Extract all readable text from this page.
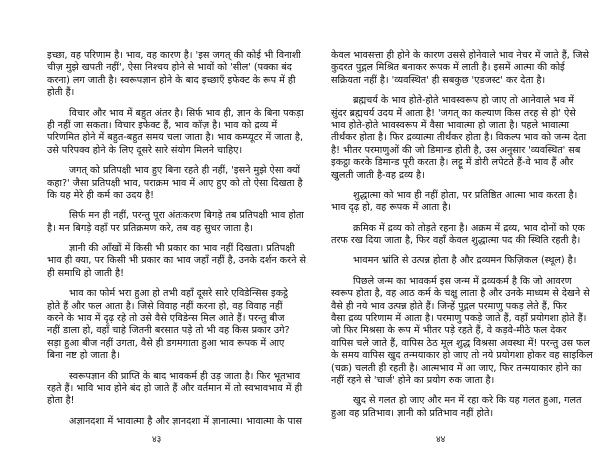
इच्छा, वह परिणाम है। भाव, वह कारण है। 'इस जगत् की कोई भी विनाशी
चीज़ मुझे खपती नहीं', ऐसा निश्चय होने से भावों को 'सील' (पक्का बंद
करना) लग जाती है। स्वरूपज्ञान होने के बाद इच्छाएँ इफेक्ट के रूप में ही
होती हैं।
विचार और भाव में बहुत अंतर है। सिर्फ भाव ही, ज्ञान के बिना पकड़ा
ही नहीं जा सकता। विचार इफेक्ट हैं, भाव कॉज़ है। भाव को द्रव्य में
परिणमित होने में बहुत-बहुत समय चला जाता है। भाव कम्प्यूटर में जाता है,
उसे परिपक्व होने के लिए दूसरे सारे संयोग मिलने चाहिए।
जगत् को प्रतिपक्षी भाव हुए बिना रहते ही नहीं, 'इसने मुझे ऐसा क्यों
कहा?' जैसा प्रतिपक्षी भाव, पराक्रम भाव में आए हुए को तो ऐसा दिखता है
कि यह मेरे ही कर्म का उदय है!
सिर्फ मन ही नहीं, परन्तु पूरा अंतःकरण बिगड़े तब प्रतिपक्षी भाव होता
है। मन बिगड़े वहाँ पर प्रतिक्रमण करे, तब वह सुधर जाता है।
ज्ञानी की आँखों में किसी भी प्रकार का भाव नहीं दिखता। प्रतिपक्षी
भाव ही क्या, पर किसी भी प्रकार का भाव जहाँ नहीं है, उनके दर्शन करने से
ही समाधि हो जाती है!
भाव का फोर्म भरा हुआ हो तभी वहाँ दूसरे सारे एविडेन्सिस इकट्ठे
होते हैं और फल आता है। जिसे विवाह नहीं करना हो, वह विवाह नहीं
करने के भाव में दृढ़ रहे तो उसे वैसे एविडेन्स मिल आते हैं। परन्तु बीज
नहीं डाला हो, वहाँ चाहे जितनी बरसात पड़े तो भी वह किस प्रकार उगे?
सड़ा हुआ बीज नहीं उगता, वैसे ही डगमगाता हुआ भाव रूपक में आए
बिना नष्ट हो जाता है।
स्वरूपज्ञान की प्राप्ति के बाद भावकर्म ही उड़ जाता है। फिर भूतभाव
रहते हैं। भावि भाव होने बंद हो जाते हैं और वर्तमान में तो स्वभावभाव में ही
होता है!
अज्ञानदशा में भावात्मा है और ज्ञानदशा में ज्ञानात्मा। भावात्मा के पास
केवल भावसत्ता ही होने के कारण उससे होनेवाले भाव नेचर में जाते हैं, जिसे
कुदरत पुद्गल मिश्रित बनाकर रूपक में लाती है। इसमें आत्मा की कोई
सक्रियता नहीं है। 'व्यवस्थित' ही सबकुछ 'एडजस्ट' कर देता है।
ब्रह्मचर्य के भाव होते-होते भावस्वरूप हो जाए तो आनेवाले भव में
सुंदर ब्रह्मचर्य उदय में आता है! 'जगत् का कल्याण किस तरह से हो' ऐसे
भाव होते-होते भावस्वरूप में वैसा भावात्मा हो जाता है। पहले भावात्मा
तीर्थंकर होता है। फिर द्रव्यात्मा तीर्थंकर होता है। विकल्प भाव को जन्म देता
है! भीतर परमाणुओं की जो डिमान्ड होती है, उस अनुसार 'व्यवस्थित' सब
इकट्ठा करके डिमान्ड पूरी करता है। लट्टू में डोरी लपेटते हैं-वे भाव हैं और
खुलती जाती है-वह द्रव्य है।
शुद्धात्मा को भाव ही नहीं होता, पर प्रतिष्ठित आत्मा भाव करता है।
भाव दृढ़ हो, वह रूपक में आता है।
क्रमिक में द्रव्य को तोड़ते रहना है। अक्रम में द्रव्य, भाव दोनों को एक
तरफ रख दिया जाता है, फिर वहाँ केवल शुद्धात्मा पद की स्थिति रहती है।
भावमन भ्रांति से उत्पन्न होता है और द्रव्यमन फिज़िकल (स्थूल) है।
पिछले जन्म का भावकर्म इस जन्म में द्रव्यकर्म है कि जो आवरण
स्वरूप होता है, वह आठ कर्म के चक्षु लाता है और उनके माध्यम से देखने से
वैसे ही नये भाव उत्पन्न होते हैं। जिन्हें पुद्गल परमाणु पकड़ लेते हैं, फिर
वैसा द्रव्य परिणाम में आता है। परमाणु पकड़े जाते हैं, वहाँ प्रयोगशा होते हैं।
जो फिर मिश्रसा के रूप में भीतर पड़े रहते हैं, वे कड़वे-मीठे फल देकर
वापिस चले जाते हैं, वापिस ठेठ मूल शुद्ध विश्रसा अवस्था में! परन्तु उस फल
के समय वापिस खुद तन्मयाकार हो जाए तो नये प्रयोगशा होकर वह साइकिल
(चक्र) चलती ही रहती है। आत्मभाव में आ जाए, फिर तन्मयाकार होने का
नहीं रहने से 'चार्ज' होने का प्रयोग रुक जाता है।
खुद से गलत हो जाए और मन में रहा करे कि यह गलत हुआ, गलत
हुआ वह प्रतिभाव। ज्ञानी को प्रतिभाव नहीं होते।
४३	४४
